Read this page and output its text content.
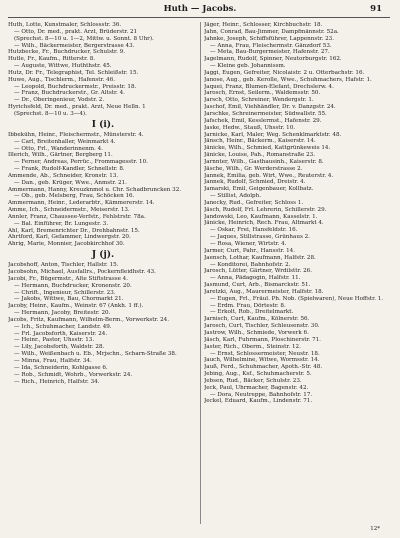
Huth — Jacobs.	91
Huth, Lotte, Kunstmaler, Schlossstr. 36.
— Otto, Dr. med., prakt. Arzt, Brüderstr. 21
(Sprechst. 8—10 u. 1—2, Mittw. u. Sonnt. 8 Uhr).
— Wilh., Bäckermeister, Bergerstrasse 43.
Hutzbecke, Fr., Buchdrucker, Schulstr. 9.
Hutle, Fr., Kaufm., Ritterstr. 8.
— Auguste, Wittwe, Huththstr. 45.
Hutz, Dr. Fr., Telegraphist, Tel. Schleißstr. 15.
Huwe, Aug., Tischlerm., Hafenstr. 46.
— Leopold, Buchdruckermstr., Preisstr. 18.
— Franz, Buchdruckerstr., Gr. Altstr. 4.
— Dr., Oberingenieur, Vodstr. 2.
Hyrichsfeld, Dr. med., prakt. Arzt, Neue Helln. 1
(Sprechst. 8—10 u. 3—4).
I (i).
Ibbekühn, Heinr., Fleischermstr., Münsterstr. 4.
— Carl, Breitenhaller, Weinmarkt 4.
— Otto, Frl., Wanderinnenm. 4.
Illerich, Wilh., Gärtner, Bergberg 11.
— Ferner, Andreas, Perrüc., Frommagesstr. 10.
— Frank, Rudolf-Kandler, Schnellstr. 8.
Ammende, Ab., Schneider, Kronstr. 13.
— Dan., geb. Krüger, Wwe., Anmstr. 21.
Ammermann, Hanny, Kreuzknmol u. Chr. Schadbruncken 32.
— Ob., geb. Melsberg, Frau, Schöcken 16.
Ammermann, Heinr., Lederarbtr., Kämmererstr. 14.
Amme, Ich., Schneidermstr., Meiserstr. 13.
Annler, Franz, Chaussee-Verfstr., Fehlstrstr. 78a.
— Bal. Einführer, Br. Lungestr. 3.
Ahl, Karl, Bremenrichter Dr., Drehbahnstr. 15.
Ahrtford, Karl, Gefammer, Lindwergstr. 20.
Ahrig, Marie, Monnier, Jacobkirchhof 30.
J (j).
Jacobshoff, Anton, Tischler, Hallstr. 15.
Jacobsohn, Michael, Ausfallrs., Pockernfleidhstr. 43.
Jacobi, Fr., Bügermstr., Alte Stiftstrasse 4.
— Hermann, Buchdrucker, Kronenstr. 20.
— Chrift., Ingenieur, Schillerstr. 23.
— Jakobs, Wittwe, Bau, Chormarkt 21.
Jacoby, Heinr., Kaufm., Weinstr. 67 (Ankh. 1 ff.).
— Hermann, Jacoby, Breitestr. 20.
Jacobs, Fritz, Kaufmann, Wilhelm-Berm., Vorwerkstr. 24.
— Ich., Schuhmacher, Landstr. 49.
— Frl. Jacobsforth, Kaiserstr. 24.
— Heinr., Pastor, Uhsstr. 13.
— Lily, Jacobsforth, Waldstr. 28.
— Wilh., Weißenbach u. Eb., Mrjschn., Scharn-Straße 38.
— Minna, Frau, Halfstr. 34.
— Ida, Schneiderin, Kohlgasse 6.
— Rob., Schmidt, Wohrb., Vorwerkstr. 24.
— Rich., Heinrich, Halfstr. 34.
Jäger, Heinr., Schlosser, Kirchbuchstr. 18.
Jahn, Conrad, Bau-Jimmer, Dampfmännstr. 52a.
Jahnke, Joseph, Schiffsführer, Lappennstr. 23.
— Anna, Frau, Fleischermstr. Gänzdorf 53.
— Meta, Bau-Burgermeister, Hafenstr. 27.
Jagelmann, Rudolf, Spinner, Neutorburgstr. 162.
— Kleine geb. Johannissm.
Jaggi, Eugen, Gefreiter, Nicolaistr. 2 u. Otterbachstr. 16.
Janose, Aug., geb. Kerolle, Wwe., Schuhmachers, Hafstr. 1.
Jaquei, Franz, Blumen-Elefant, Drechslerw. 4.
Jarosch, Ernst, Seilerm., Waldemsstr. 50.
Jarsch, Otto, Schreiner, Wendergstr. 1.
Jaschof, Emil, Viehhändler, Dr. v. Danzgstr. 24.
Jarschke, Schreinermeister, Südwallstr. 55.
Jafschek, Emil, Kesslermst., Hafenstr. 29.
Jaske, Hedw., Stauß, Uhsstr. 10.
Jarnicke, Karl, Maler, Weg. Schenklmarktstr. 48.
Jänsch, Heinr., Bäckerm., Kaiserstr. 14.
Jänicke, Wilh., Schmied, Kattgrünkeweis 14.
Jänicke, Louise, Pah., Romanstraße 23.
Jarnnter, Wilh., Gasthausinh., Kaiserstr. 8.
Jäsche, Wilh., Gr. Werderstrasse 2.
Jannek, Emilia, geb. Wirt, Wwe., Reuterstr. 4.
Jannek, Rudolf, Schmied, Dreistr. 4.
Jamarski, Emil, Geigenbauer, Kollbatz.
— Stillist, Adolph.
Janecky, Rud., Gefreiter, Schloss 1.
Jäsch, Rudolf, Frl. Lehrerin, Schillerstr. 29.
Jandowski, Leo, Kaufmann, Kasselstr. 1.
Jänicke, Heinrich, Rech. Frau, Altmarkt 4.
— Oskar, Frei, Hansfeldstr. 16.
— Jaques, Stillstrasse, Grünhaus 2.
— Rosa, Wiener, Wirtstr. 4.
Jarmer, Curt, Pahr., Hansstr. 14.
Jaensch, Lothar, Kaufmann, Halfstr. 28.
— Konditorei, Bahnhofstr. 2.
Jarosch, Lütter, Gärtner, Wrdilsttr. 26.
— Anna, Pädagogin, Halfstr. 11.
Jasmund, Curt, Arb., Bismarckstr. 51.
Jaretzki, Aug., Maurermeister, Halfstr. 18.
— Eugen, Frl., Fräul. Ph. Nob. (Spielwaren), Neue Hoffstr. 1.
— Erdm. Frau, Dörtestr. 8.
— Erkolt, Rob., Dreitelmarkt.
Jarnisch, Curt, Kaufm., Kölnerstr. 56.
Jarosch, Curt, Tischler, Schleusenstr. 30.
Jastrow, Wilh., Schmiede, Vorwerk 6.
Jäsch, Karl, Fuhrmann, Ploschinerstr. 71.
Jaster, Rich., Oberm., Steinstr. 12.
— Ernst, Schlossermeister, Neustr. 18.
Jauch, Wilhelmine, Witwe, Wormsstr. 14.
Jauß, Ferd., Schuhmacher, Apoth.-Str. 48.
Jebing, Aug., Ksf., Schuhmacherstr. 5.
Jebsen, Rud., Bäcker, Schulstr. 23.
Jeck, Paul, Uhrmacher, Bagenstr. 42.
— Dora, Neutreppe, Bahnhofstr. 17.
Jeckel, Eduard, Kaufm., Lindenstr. 71.
12*
